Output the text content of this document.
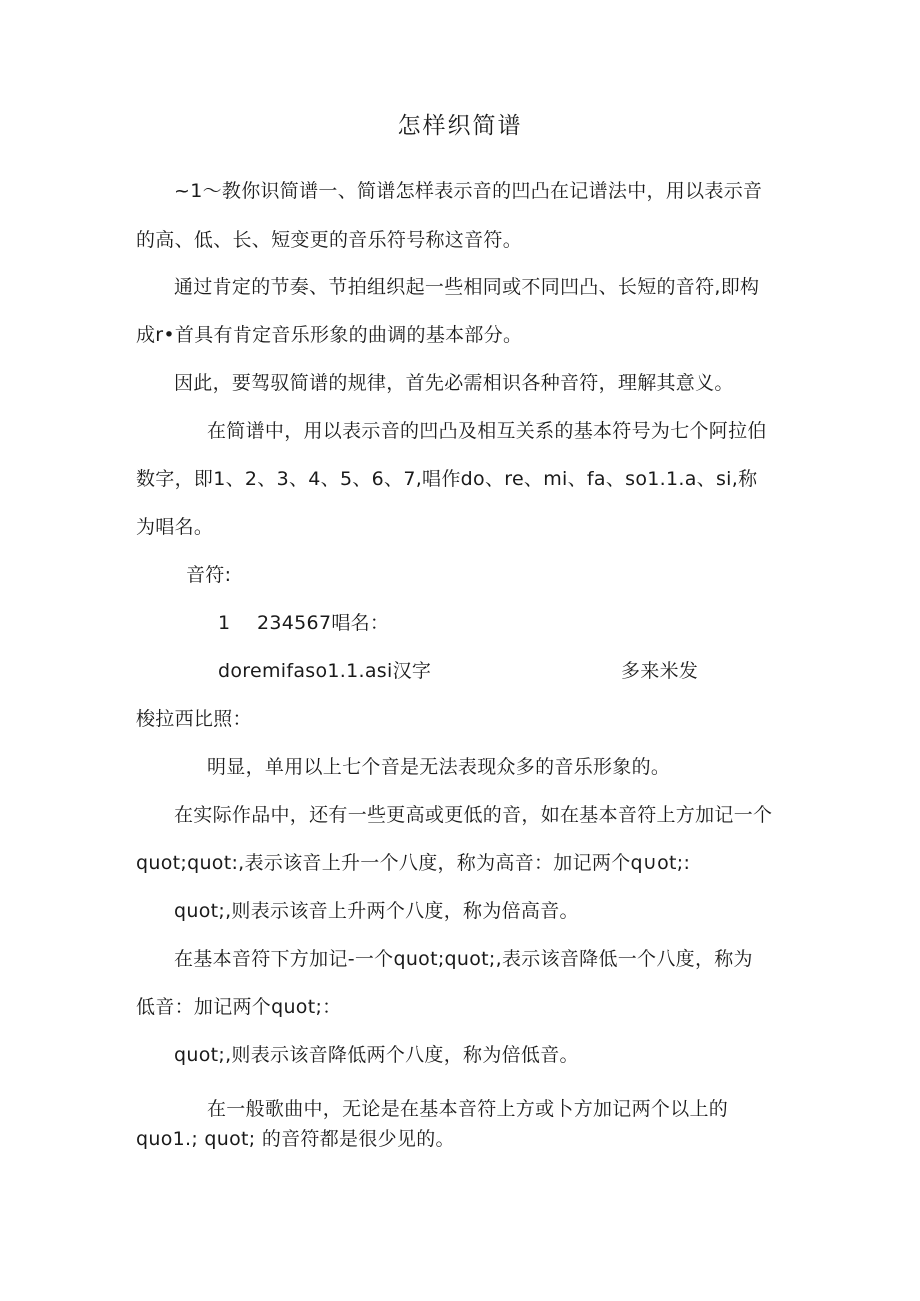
怎样织简谱
~1～教你识简谱一、简谱怎样表示音的凹凸在记谱法中，用以表示音
的高、低、长、短变更的音乐符号称这音符。
通过肯定的节奏、节拍组织起一些相同或不同凹凸、长短的音符,即构
成r•首具有肯定音乐形象的曲调的基本部分。
因此，要驾驭简谱的规律，首先必需相识各种音符，理解其意义。
在简谱中，用以表示音的凹凸及相互关系的基本符号为七个阿拉伯
数字，即1、2、3、4、5、6、7,唱作do、re、mi、fa、so1.1.a、si,称
为唱名。
音符:
1 234567唱名：
doremifaso1.1.asi汉字	多来米发
梭拉西比照：
明显，单用以上七个音是无法表现众多的音乐形象的。
在实际作品中，还有一些更高或更低的音，如在基本音符上方加记一个
quot;quot:,表示该音上升一个八度，称为高音：加记两个q∪ot;:
quot;,则表示该音上升两个八度，称为倍高音。
在基本音符下方加记-一个quot;quot;,表示该音降低一个八度，称为
低音：加记两个quot;：
quot;,则表示该音降低两个八度，称为倍低音。
在一般歌曲中，无论是在基本音符上方或卜方加记两个以上的
quo1.; quot; 的音符都是很少见的。
